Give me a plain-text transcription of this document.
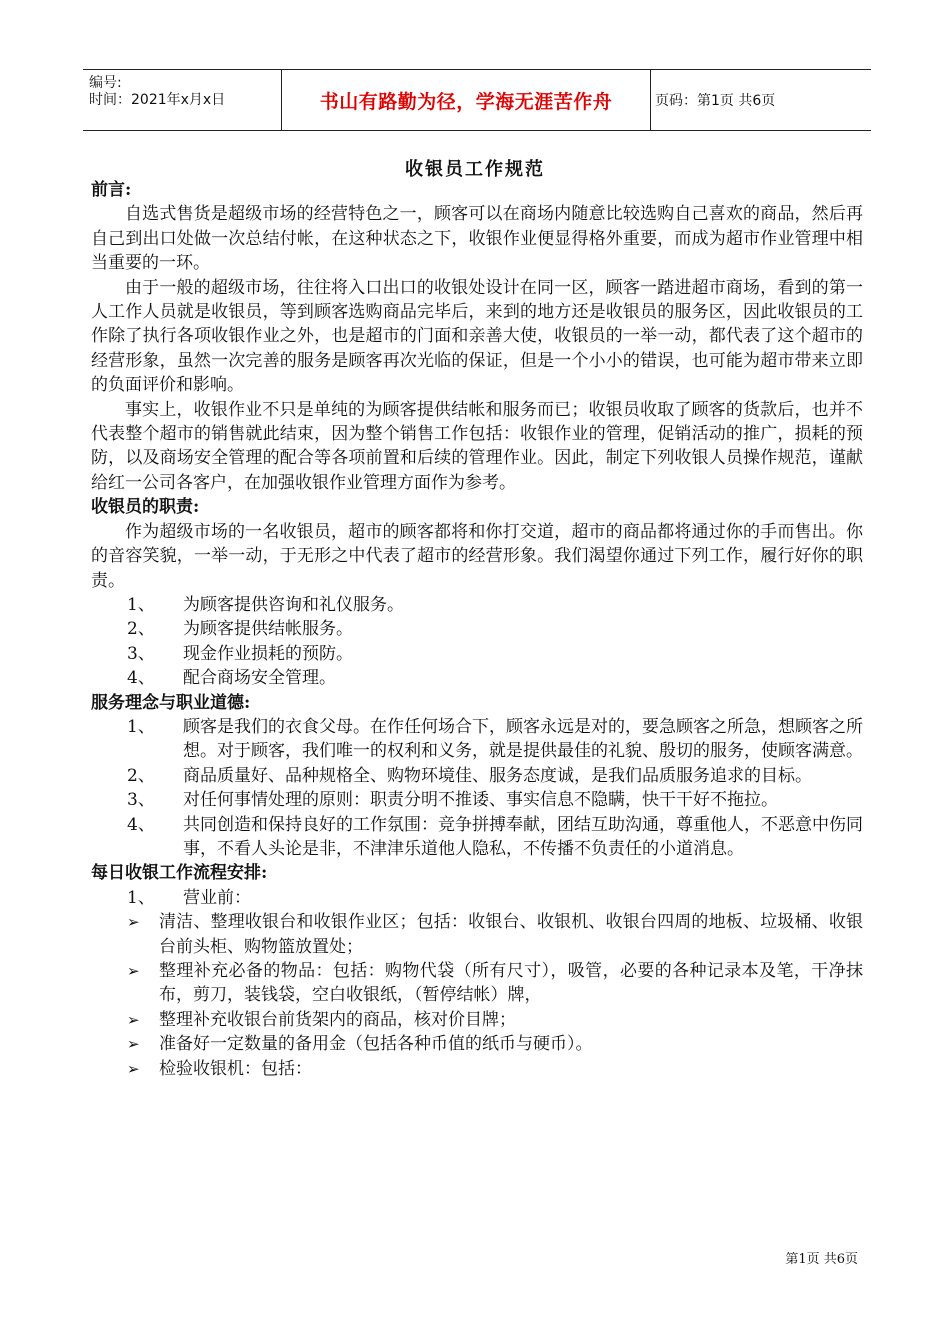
编号:
时间：2021年x月x日	书山有路勤为径，学海无涯苦作舟	页码：第1页 共6页
收银员工作规范
前言:

自选式售货是超级市场的经营特色之一，顾客可以在商场内随意比较选购自己喜欢的商品，然后再自己到出口处做一次总结付帐，在这种状态之下，收银作业便显得格外重要，而成为超市作业管理中相当重要的一环。

由于一般的超级市场，往往将入口出口的收银处设计在同一区，顾客一踏进超市商场，看到的第一人工作人员就是收银员，等到顾客选购商品完毕后，来到的地方还是收银员的服务区，因此收银员的工作除了执行各项收银作业之外，也是超市的门面和亲善大使，收银员的一举一动，都代表了这个超市的经营形象，虽然一次完善的服务是顾客再次光临的保证，但是一个小小的错误，也可能为超市带来立即的负面评价和影响。

事实上，收银作业不只是单纯的为顾客提供结帐和服务而已；收银员收取了顾客的货款后，也并不代表整个超市的销售就此结束，因为整个销售工作包括：收银作业的管理，促销活动的推广，损耗的预防，以及商场安全管理的配合等各项前置和后续的管理作业。因此，制定下列收银人员操作规范，谨献给红一公司各客户，在加强收银作业管理方面作为参考。

收银员的职责:

作为超级市场的一名收银员，超市的顾客都将和你打交道，超市的商品都将通过你的手而售出。你的音容笑貌，一举一动，于无形之中代表了超市的经营形象。我们渴望你通过下列工作，履行好你的职责。

1、	为顾客提供咨询和礼仪服务。
2、	为顾客提供结帐服务。
3、	现金作业损耗的预防。
4、	配合商场安全管理。
服务理念与职业道德:
1、	顾客是我们的衣食父母。在作任何场合下，顾客永远是对的，要急顾客之所急，想顾客之所想。对于顾客，我们唯一的权利和义务，就是提供最佳的礼貌、殷切的服务，使顾客满意。
2、	商品质量好、品种规格全、购物环境佳、服务态度诚，是我们品质服务追求的目标。
3、	对任何事情处理的原则：职责分明不推诿、事实信息不隐瞒，快干干好不拖拉。
4、	共同创造和保持良好的工作氛围：竞争拼搏奉献，团结互助沟通，尊重他人，不恶意中伤同事，不看人头论是非，不津津乐道他人隐私，不传播不负责任的小道消息。
每日收银工作流程安排:
1、	营业前：
➢	清洁、整理收银台和收银作业区；包括：收银台、收银机、收银台四周的地板、垃圾桶、收银台前头柜、购物篮放置处；
➢	整理补充必备的物品：包括：购物代袋（所有尺寸），吸管，必要的各种记录本及笔，干净抹布，剪刀，装钱袋，空白收银纸，（暂停结帐）牌，
➢	整理补充收银台前货架内的商品，核对价目牌；
➢	准备好一定数量的备用金（包括各种币值的纸币与硬币）。
➢	检验收银机：包括：
第1页 共6页
